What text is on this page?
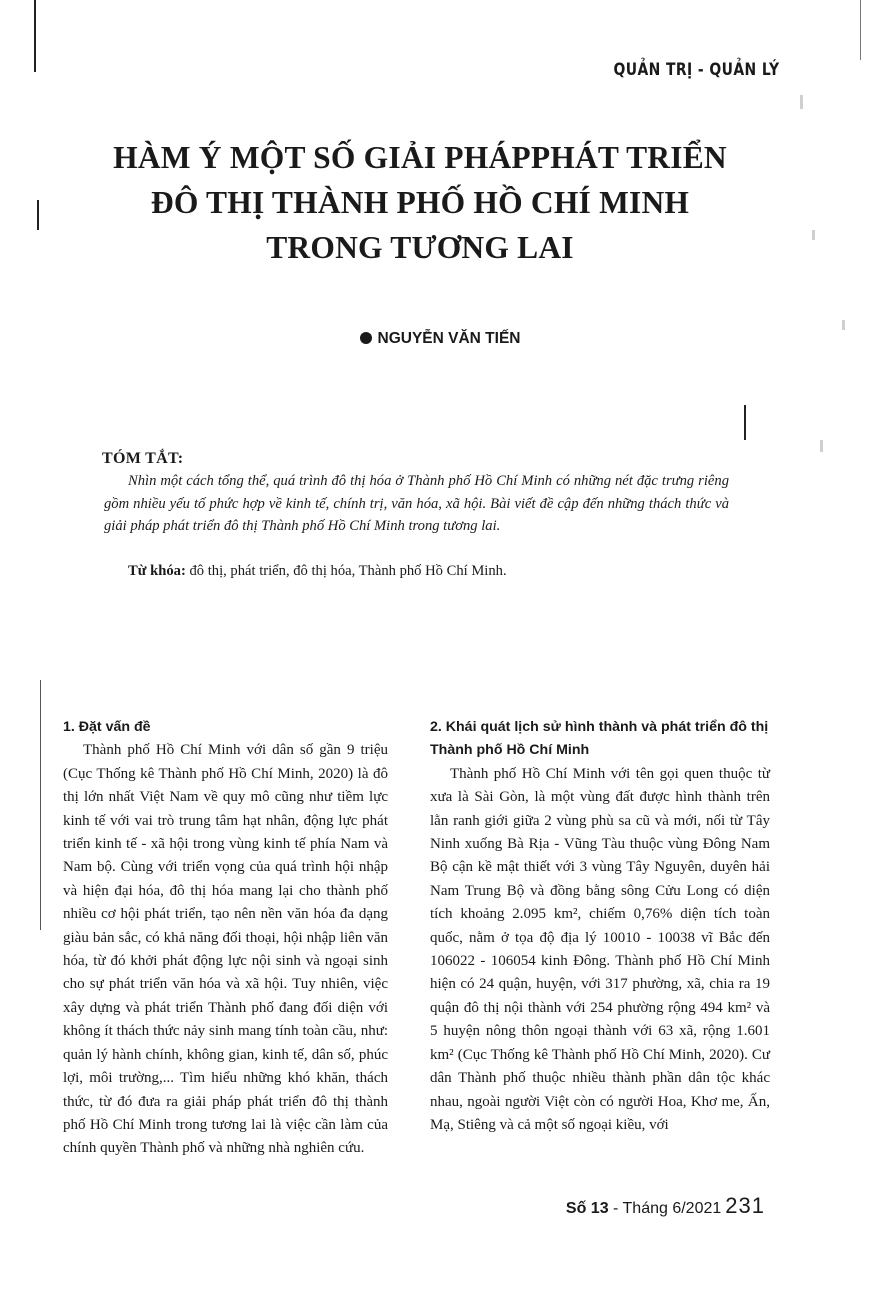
QUẢN TRỊ - QUẢN LÝ
HÀM Ý MỘT SỐ GIẢI PHÁPPHÁT TRIỂN
ĐÔ THỊ THÀNH PHỐ HỒ CHÍ MINH
TRONG TƯƠNG LAI
NGUYỄN VĂN TIẾN
TÓM TẮT:

Nhìn một cách tổng thể, quá trình đô thị hóa ở Thành phố Hồ Chí Minh có những nét đặc trưng riêng gồm nhiều yếu tố phức hợp về kinh tế, chính trị, văn hóa, xã hội. Bài viết đề cập đến những thách thức và giải pháp phát triển đô thị Thành phố Hồ Chí Minh trong tương lai.

Từ khóa: đô thị, phát triển, đô thị hóa, Thành phố Hồ Chí Minh.
1. Đặt vấn đề

Thành phố Hồ Chí Minh với dân số gần 9 triệu (Cục Thống kê Thành phố Hồ Chí Minh, 2020) là đô thị lớn nhất Việt Nam về quy mô cũng như tiềm lực kinh tế với vai trò trung tâm hạt nhân, động lực phát triển kinh tế - xã hội trong vùng kinh tế phía Nam và Nam bộ. Cùng với triển vọng của quá trình hội nhập và hiện đại hóa, đô thị hóa mang lại cho thành phố nhiều cơ hội phát triển, tạo nên nền văn hóa đa dạng giàu bản sắc, có khả năng đối thoại, hội nhập liên văn hóa, từ đó khởi phát động lực nội sinh và ngoại sinh cho sự phát triển văn hóa và xã hội. Tuy nhiên, việc xây dựng và phát triển Thành phố đang đối diện với không ít thách thức nảy sinh mang tính toàn cầu, như: quản lý hành chính, không gian, kinh tế, dân số, phúc lợi, môi trường,... Tìm hiểu những khó khăn, thách thức, từ đó đưa ra giải pháp phát triển đô thị thành phố Hồ Chí Minh trong tương lai là việc cần làm của chính quyền Thành phố và những nhà nghiên cứu.

2. Khái quát lịch sử hình thành và phát triển đô thị Thành phố Hồ Chí Minh

Thành phố Hồ Chí Minh với tên gọi quen thuộc từ xưa là Sài Gòn, là một vùng đất được hình thành trên lằn ranh giới giữa 2 vùng phù sa cũ và mới, nối từ Tây Ninh xuống Bà Rịa - Vũng Tàu thuộc vùng Đông Nam Bộ cận kề mật thiết với 3 vùng Tây Nguyên, duyên hải Nam Trung Bộ và đồng bằng sông Cửu Long có diện tích khoảng 2.095 km², chiếm 0,76% diện tích toàn quốc, nằm ở tọa độ địa lý 10010 - 10038 vĩ Bắc đến 106022 - 106054 kinh Đông. Thành phố Hồ Chí Minh hiện có 24 quận, huyện, với 317 phường, xã, chia ra 19 quận đô thị nội thành với 254 phường rộng 494 km² và 5 huyện nông thôn ngoại thành với 63 xã, rộng 1.601 km² (Cục Thống kê Thành phố Hồ Chí Minh, 2020). Cư dân Thành phố thuộc nhiều thành phần dân tộc khác nhau, ngoài người Việt còn có người Hoa, Khơ me, Ấn, Mạ, Stiêng và cả một số ngoại kiều, với

Số 13 - Tháng 6/2021 231
